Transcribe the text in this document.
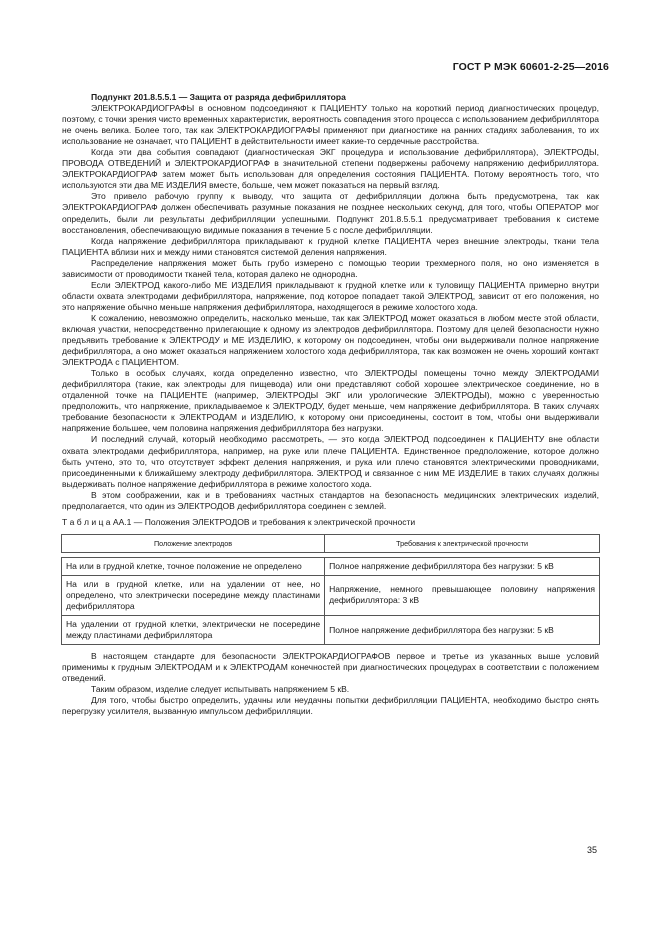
ГОСТ Р МЭК 60601-2-25—2016

Подпункт 201.8.5.5.1 — Защита от разряда дефибриллятора

ЭЛЕКТРОКАРДИОГРАФЫ в основном подсоединяют к ПАЦИЕНТУ только на короткий период диагностических процедур, поэтому, с точки зрения чисто временных характеристик, вероятность совпадения этого процесса с использованием дефибриллятора не очень велика. Более того, так как ЭЛЕКТРОКАРДИОГРАФЫ применяют при диагностике на ранних стадиях заболевания, то их использование не означает, что ПАЦИЕНТ в действительности имеет какие-то сердечные расстройства.

Когда эти два события совпадают (диагностическая ЭКГ процедура и использование дефибриллятора), ЭЛЕКТРОДЫ, ПРОВОДА ОТВЕДЕНИЙ и ЭЛЕКТРОКАРДИОГРАФ в значительной степени подвержены рабочему напряжению дефибриллятора. ЭЛЕКТРОКАРДИОГРАФ затем может быть использован для определения состояния ПАЦИЕНТА. Потому вероятность того, что используются эти два МЕ ИЗДЕЛИЯ вместе, больше, чем может показаться на первый взгляд.

Это привело рабочую группу к выводу, что защита от дефибрилляции должна быть предусмотрена, так как ЭЛЕКТРОКАРДИОГРАФ должен обеспечивать разумные показания не позднее нескольких секунд, для того, чтобы ОПЕРАТОР мог определить, были ли результаты дефибрилляции успешными. Подпункт 201.8.5.5.1 предусматривает требования к системе восстановления, обеспечивающую видимые показания в течение 5 с после дефибрилляции.

Когда напряжение дефибриллятора прикладывают к грудной клетке ПАЦИЕНТА через внешние электроды, ткани тела ПАЦИЕНТА вблизи них и между ними становятся системой деления напряжения.

Распределение напряжения может быть грубо измерено с помощью теории трехмерного поля, но оно изменяется в зависимости от проводимости тканей тела, которая далеко не однородна.

Если ЭЛЕКТРОД какого-либо МЕ ИЗДЕЛИЯ прикладывают к грудной клетке или к туловищу ПАЦИЕНТА примерно внутри области охвата электродами дефибриллятора, напряжение, под которое попадает такой ЭЛЕКТРОД, зависит от его положения, но это напряжение обычно меньше напряжения дефибриллятора, находящегося в режиме холостого хода.

К сожалению, невозможно определить, насколько меньше, так как ЭЛЕКТРОД может оказаться в любом месте этой области, включая участки, непосредственно прилегающие к одному из электродов дефибриллятора. Поэтому для целей безопасности нужно предъявить требование к ЭЛЕКТРОДУ и МЕ ИЗДЕЛИЮ, к которому он подсоединен, чтобы они выдерживали полное напряжение дефибриллятора, а оно может оказаться напряжением холостого хода дефибриллятора, так как возможен не очень хороший контакт ЭЛЕКТРОДА с ПАЦИЕНТОМ.

Только в особых случаях, когда определенно известно, что ЭЛЕКТРОДЫ помещены точно между ЭЛЕКТРОДАМИ дефибриллятора (такие, как электроды для пищевода) или они представляют собой хорошее электрическое соединение, но в отдаленной точке на ПАЦИЕНТЕ (например, ЭЛЕКТРОДЫ ЭКГ или урологические ЭЛЕКТРОДЫ), можно с уверенностью предположить, что напряжение, прикладываемое к ЭЛЕКТРОДУ, будет меньше, чем напряжение дефибриллятора. В таких случаях требование безопасности к ЭЛЕКТРОДАМ и ИЗДЕЛИЮ, к которому они присоединены, состоит в том, чтобы они выдерживали напряжение большее, чем половина напряжения дефибриллятора без нагрузки.

И последний случай, который необходимо рассмотреть, — это когда ЭЛЕКТРОД подсоединен к ПАЦИЕНТУ вне области охвата электродами дефибриллятора, например, на руке или плече ПАЦИЕНТА. Единственное предположение, которое должно быть учтено, это то, что отсутствует эффект деления напряжения, и рука или плечо становятся электрическими проводниками, присоединенными к ближайшему электроду дефибриллятора. ЭЛЕКТРОД и связанное с ним МЕ ИЗДЕЛИЕ в таких случаях должны выдерживать полное напряжение дефибриллятора в режиме холостого хода.

В этом соображении, как и в требованиях частных стандартов на безопасность медицинских электрических изделий, предполагается, что один из ЭЛЕКТРОДОВ дефибриллятора соединен с землей.

Т а б л и ц а АА.1 — Положения ЭЛЕКТРОДОВ и требования к электрической прочности

Положение электродов	Требования к электрической прочности

На или в грудной клетке, точное положение не определено	Полное напряжение дефибриллятора без нагрузки: 5 кВ
На или в грудной клетке, или на удалении от нее, но определено, что электрически посередине между пластинами дефибриллятора	Напряжение, немного превышающее половину напряжения дефибриллятора: 3 кВ
На удалении от грудной клетки, электрически не посередине между пластинами дефибриллятора	Полное напряжение дефибриллятора без нагрузки: 5 кВ

В настоящем стандарте для безопасности ЭЛЕКТРОКАРДИОГРАФОВ первое и третье из указанных выше условий применимы к грудным ЭЛЕКТРОДАМ и к ЭЛЕКТРОДАМ конечностей при диагностических процедурах в соответствии с положением отведений.

Таким образом, изделие следует испытывать напряжением 5 кВ.

Для того, чтобы быстро определить, удачны или неудачны попытки дефибрилляции ПАЦИЕНТА, необходимо быстро снять перегрузку усилителя, вызванную импульсом дефибрилляции.

35
